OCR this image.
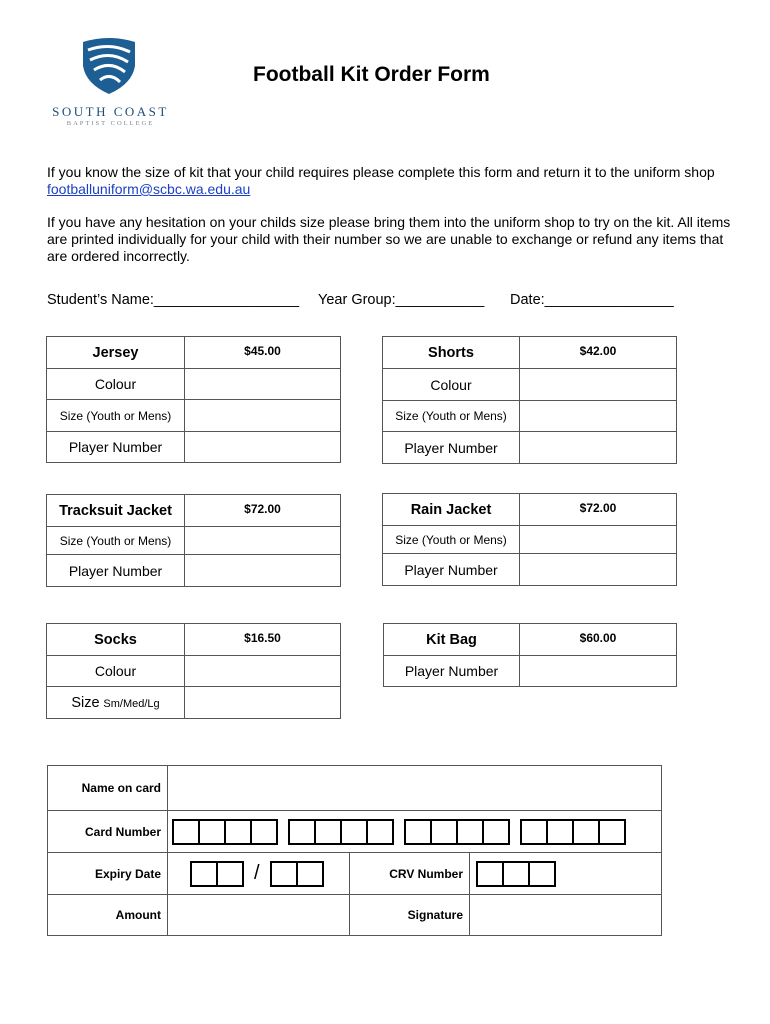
SOUTH COAST
BAPTIST COLLEGE
Football Kit Order Form
If you know the size of kit that your child requires please complete this form and return it to the uniform shop footballuniform@scbc.wa.edu.au
If you have any hesitation on your childs size please bring them into the uniform shop to try on the kit. All items are printed individually for your child with their number so we are unable to exchange or refund any items that are ordered incorrectly.
Student’s Name:__________________ Year Group:___________ Date:________________
Jersey	$45.00
Colour	
Size (Youth or Mens)	
Player Number	
Shorts	$42.00
Colour	
Size (Youth or Mens)	
Player Number	
Tracksuit Jacket	$72.00
Size (Youth or Mens)	
Player Number	
Rain Jacket	$72.00
Size (Youth or Mens)	
Player Number	
Socks	$16.50
Colour	
Size Sm/Med/Lg	
Kit Bag	$60.00
Player Number	
Name on card			
Card Number			

Expiry Date	/	CRV Number	

Amount		Signature	
